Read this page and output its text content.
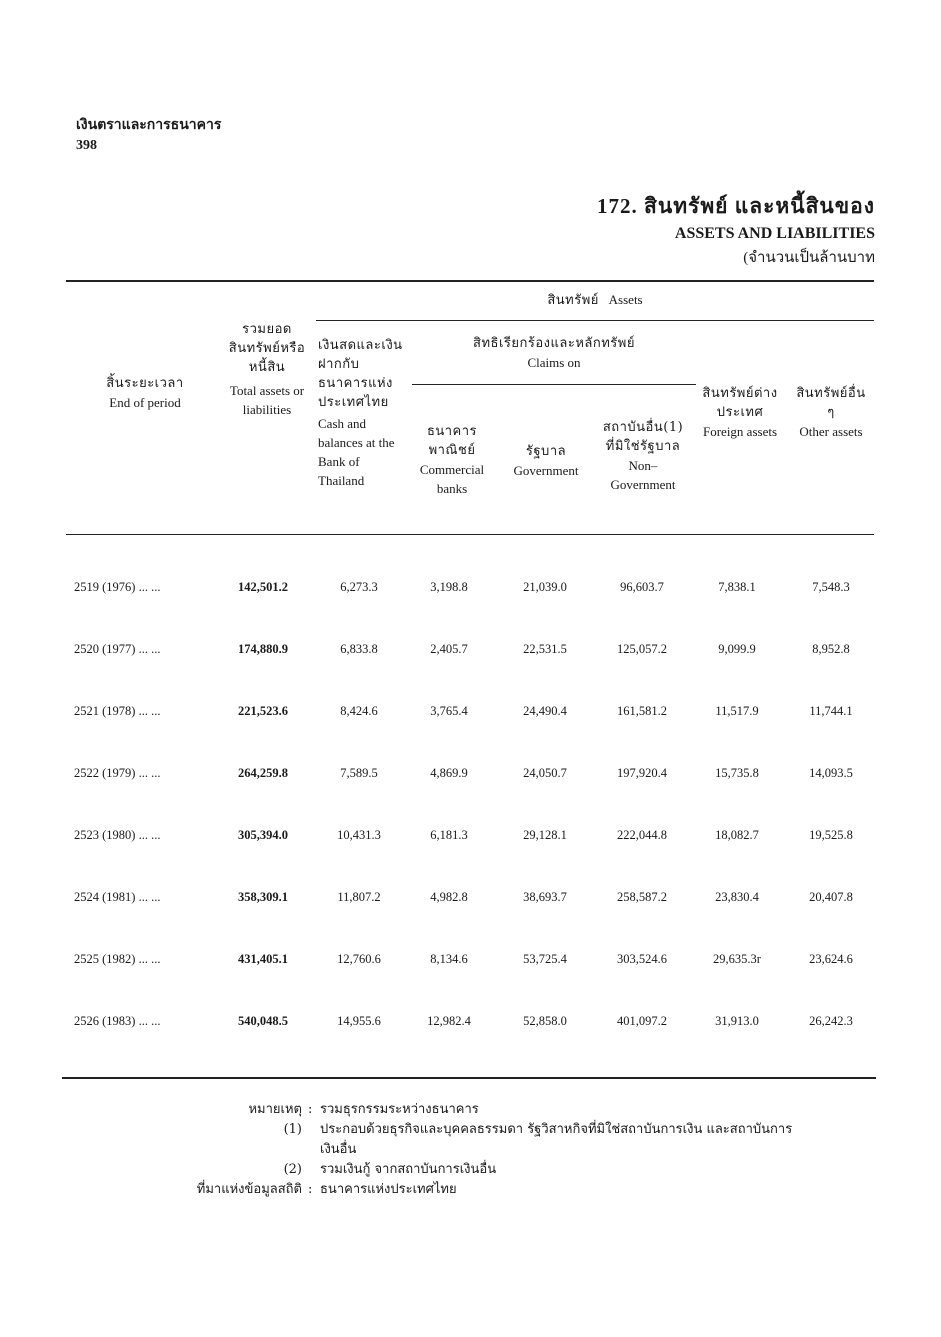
เงินตราและการธนาคาร
398
172. สินทรัพย์ และหนี้สินของ
ASSETS AND LIABILITIES
(จำนวนเป็นล้านบาท
สินทรัพย์ Assets
สิทธิเรียกร้องและหลักทรัพย์
Claims on
สิ้นระยะเวลา
End of period
รวมยอดสินทรัพย์หรือหนี้สิน
Total assets or liabilities
เงินสดและเงินฝากกับธนาคารแห่งประเทศไทย
Cash and balances at the Bank of Thailand
ธนาคารพาณิชย์
Commercial banks
รัฐบาล
Government
สถาบันอื่น(1) ที่มิใช่รัฐบาล
Non– Government
สินทรัพย์ต่างประเทศ
Foreign assets
สินทรัพย์อื่น ๆ
Other assets
2519 (1976) ... ...	142,501.2	6,273.3	3,198.8	21,039.0	96,603.7	7,838.1	7,548.3
2520 (1977) ... ...	174,880.9	6,833.8	2,405.7	22,531.5	125,057.2	9,099.9	8,952.8
2521 (1978) ... ...	221,523.6	8,424.6	3,765.4	24,490.4	161,581.2	11,517.9	11,744.1
2522 (1979) ... ...	264,259.8	7,589.5	4,869.9	24,050.7	197,920.4	15,735.8	14,093.5
2523 (1980) ... ...	305,394.0	10,431.3	6,181.3	29,128.1	222,044.8	18,082.7	19,525.8
2524 (1981) ... ...	358,309.1	11,807.2	4,982.8	38,693.7	258,587.2	23,830.4	20,407.8
2525 (1982) ... ...	431,405.1	12,760.6	8,134.6	53,725.4	303,524.6	29,635.3r	23,624.6
2526 (1983) ... ...	540,048.5	14,955.6	12,982.4	52,858.0	401,097.2	31,913.0	26,242.3
หมายเหตุ : รวมธุรกรรมระหว่างธนาคาร
(1)	ประกอบด้วยธุรกิจและบุคคลธรรมดา รัฐวิสาหกิจที่มิใช่สถาบันการเงิน และสถาบันการเงินอื่น
(2)	รวมเงินกู้ จากสถาบันการเงินอื่น
ที่มาแห่งข้อมูลสถิติ : ธนาคารแห่งประเทศไทย
